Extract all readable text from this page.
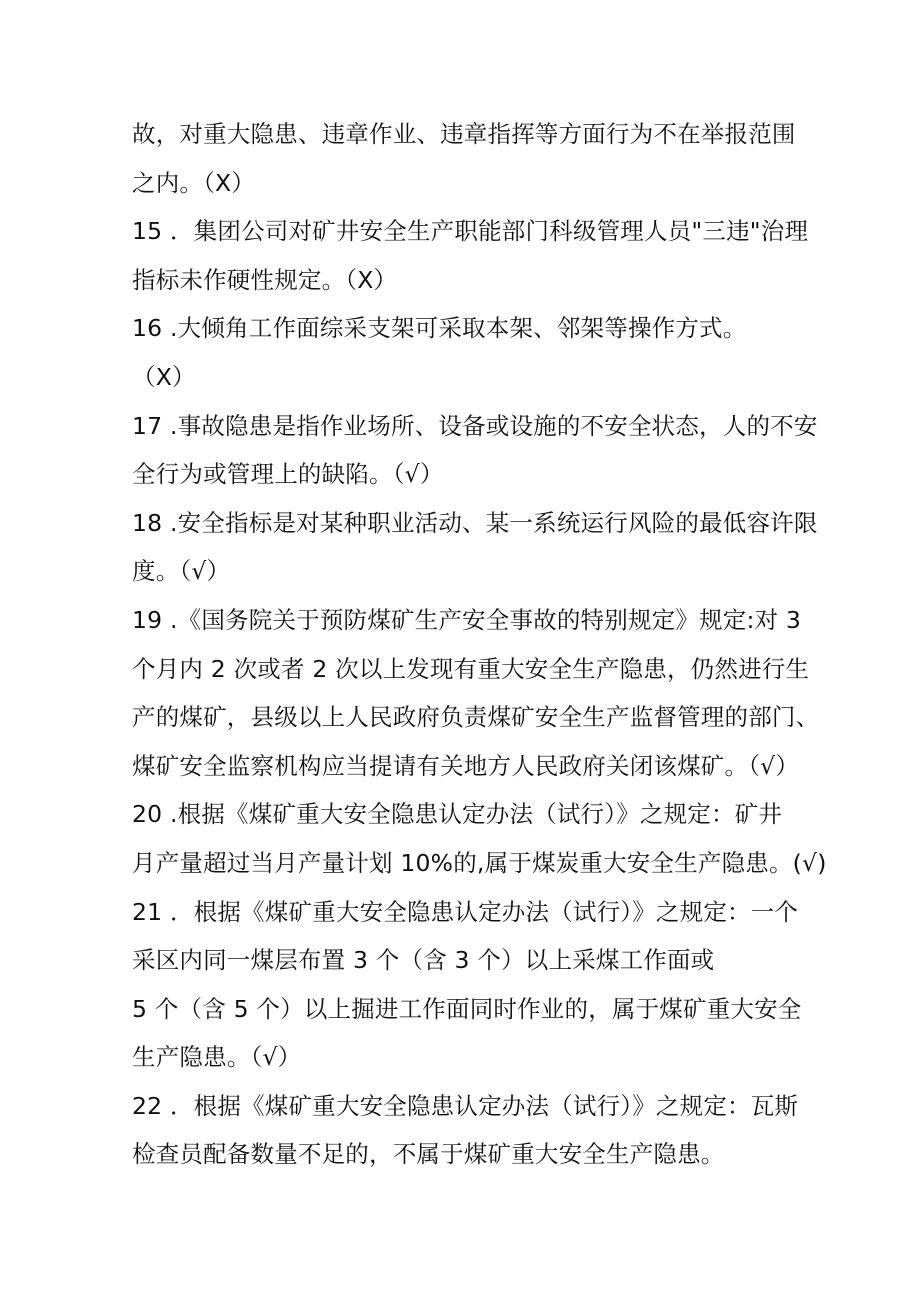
故，对重大隐患、违章作业、违章指挥等方面行为不在举报范围
之内。（X）
15 ．集团公司对矿井安全生产职能部门科级管理人员"三违"治理
指标未作硬性规定。（X）
16 .大倾角工作面综采支架可采取本架、邻架等操作方式。
（X）
17 .事故隐患是指作业场所、设备或设施的不安全状态，人的不安
全行为或管理上的缺陷。（√）
18 .安全指标是对某种职业活动、某一系统运行风险的最低容许限
度。（√）
19 .《国务院关于预防煤矿生产安全事故的特别规定》规定:对 3
个月内 2 次或者 2 次以上发现有重大安全生产隐患，仍然进行生
产的煤矿，县级以上人民政府负责煤矿安全生产监督管理的部门、
煤矿安全监察机构应当提请有关地方人民政府关闭该煤矿。（√）
20 .根据《煤矿重大安全隐患认定办法（试行）》之规定：矿井
月产量超过当月产量计划 10%的,属于煤炭重大安全生产隐患。(√)
21 ．根据《煤矿重大安全隐患认定办法（试行）》之规定：一个
采区内同一煤层布置 3 个（含 3 个）以上采煤工作面或
5 个（含 5 个）以上掘进工作面同时作业的，属于煤矿重大安全
生产隐患。（√）
22 ．根据《煤矿重大安全隐患认定办法（试行）》之规定：瓦斯
检查员配备数量不足的，不属于煤矿重大安全生产隐患。
